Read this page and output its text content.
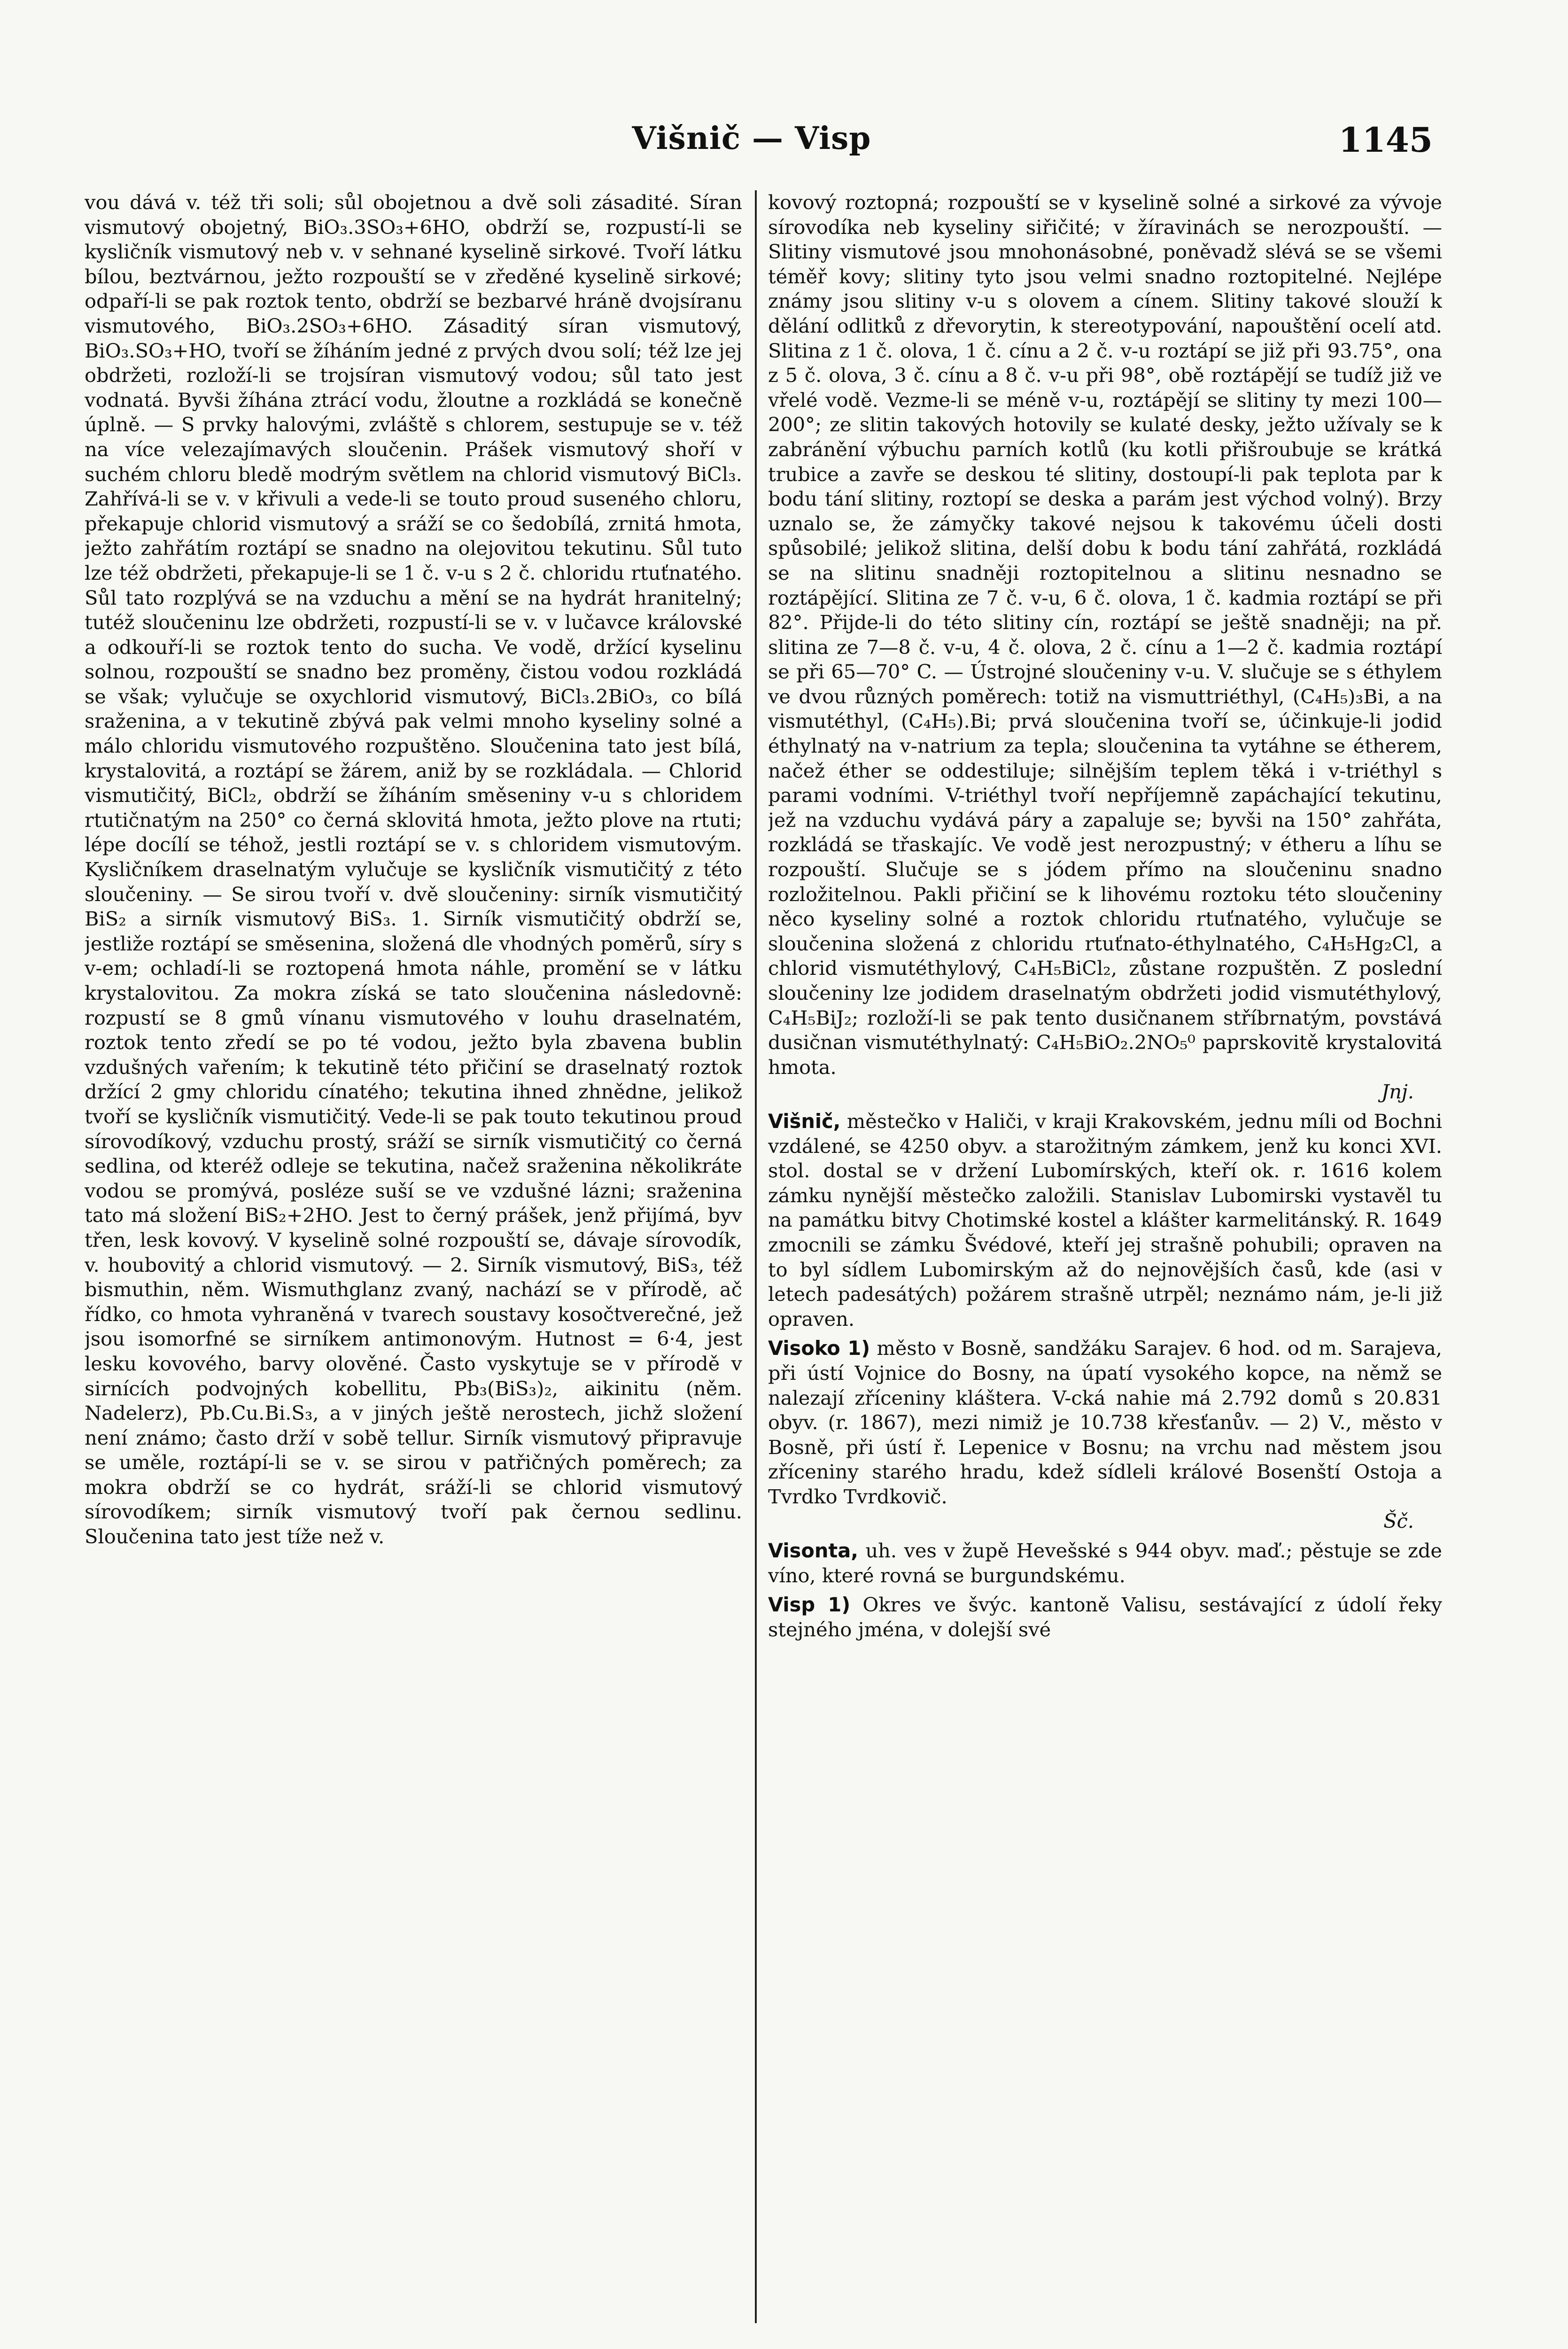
Višnič — Visp	1145

vou dává v. též tři soli; sůl obojetnou a dvě soli zásadité. Síran vismutový obojetný, BiO₃.3SO₃+6HO, obdrží se, rozpustí-li se kysličník vismutový neb v. v sehnané kyselině sirkové. Tvoří látku bílou, beztvárnou, ježto rozpouští se v zředěné kyselině sirkové; odpaří-li se pak roztok tento, obdrží se bezbarvé hráně dvojsíranu vismutového, BiO₃.2SO₃+6HO. Zásaditý síran vismutový, BiO₃.SO₃+HO, tvoří se žíháním jedné z prvých dvou solí; též lze jej obdržeti, rozloží-li se trojsíran vismutový vodou; sůl tato jest vodnatá. Byvši žíhána ztrácí vodu, žloutne a rozkládá se konečně úplně. — S prvky halovými, zvláště s chlorem, sestupuje se v. též na více velezajímavých sloučenin. Prášek vismutový shoří v suchém chloru bledě modrým světlem na chlorid vismutový BiCl₃. Zahřívá-li se v. v křivuli a vede-li se touto proud suseného chloru, překapuje chlorid vismutový a sráží se co šedobílá, zrnitá hmota, ježto zahřátím roztápí se snadno na olejovitou tekutinu. Sůl tuto lze též obdržeti, překapuje-li se 1 č. v-u s 2 č. chloridu rtuťnatého. Sůl tato rozplývá se na vzduchu a mění se na hydrát hranitelný; tutéž sloučeninu lze obdržeti, rozpustí-li se v. v lučavce královské a odkouří-li se roztok tento do sucha. Ve vodě, držící kyselinu solnou, rozpouští se snadno bez proměny, čistou vodou rozkládá se však; vylučuje se oxychlorid vismutový, BiCl₃.2BiO₃, co bílá sraženina, a v tekutině zbývá pak velmi mnoho kyseliny solné a málo chloridu vismutového rozpuštěno. Sloučenina tato jest bílá, krystalovitá, a roztápí se žárem, aniž by se rozkládala. — Chlorid vismutičitý, BiCl₂, obdrží se žíháním směseniny v-u s chloridem rtutičnatým na 250° co černá sklovitá hmota, ježto plove na rtuti; lépe docílí se téhož, jestli roztápí se v. s chloridem vismutovým. Kysličníkem draselnatým vylučuje se kysličník vismutičitý z této sloučeniny. — Se sirou tvoří v. dvě sloučeniny: sirník vismutičitý BiS₂ a sirník vismutový BiS₃. 1. Sirník vismutičitý obdrží se, jestliže roztápí se směsenina, složená dle vhodných poměrů, síry s v-em; ochladí-li se roztopená hmota náhle, promění se v látku krystalovitou. Za mokra získá se tato sloučenina následovně: rozpustí se 8 gmů vínanu vismutového v louhu draselnatém, roztok tento zředí se po té vodou, ježto byla zbavena bublin vzdušných vařením; k tekutině této přičiní se draselnatý roztok držící 2 gmy chloridu cínatého; tekutina ihned zhnědne, jelikož tvoří se kysličník vismutičitý. Vede-li se pak touto tekutinou proud sírovodíkový, vzduchu prostý, sráží se sirník vismutičitý co černá sedlina, od kteréž odleje se tekutina, načež sraženina několikráte vodou se promývá, posléze suší se ve vzdušné lázni; sraženina tato má složení BiS₂+2HO. Jest to černý prášek, jenž přijímá, byv třen, lesk kovový. V kyselině solné rozpouští se, dávaje sírovodík, v. houbovitý a chlorid vismutový. — 2. Sirník vismutový, BiS₃, též bismuthin, něm. Wismuthglanz zvaný, nachází se v přírodě, ač řídko, co hmota vyhraněná v tvarech soustavy kosočtverečné, jež jsou isomorfné se sirníkem antimonovým. Hutnost = 6·4, jest lesku kovového, barvy olověné. Často vyskytuje se v přírodě v sirnících podvojných kobellitu, Pb₃(BiS₃)₂, aikinitu (něm. Nadelerz), Pb.Cu.Bi.S₃, a v jiných ještě nerostech, jichž složení není známo; často drží v sobě tellur. Sirník vismutový připravuje se uměle, roztápí-li se v. se sirou v patřičných poměrech; za mokra obdrží se co hydrát, sráží-li se chlorid vismutový sírovodíkem; sirník vismutový tvoří pak černou sedlinu. Sloučenina tato jest tíže než v.

kovový roztopná; rozpouští se v kyselině solné a sirkové za vývoje sírovodíka neb kyseliny siřičité; v žíravinách se nerozpouští. — Slitiny vismutové jsou mnohonásobné, poněvadž slévá se se všemi téměř kovy; slitiny tyto jsou velmi snadno roztopitelné. Nejlépe známy jsou slitiny v-u s olovem a cínem. Slitiny takové slouží k dělání odlitků z dřevorytin, k stereotypování, napouštění ocelí atd. Slitina z 1 č. olova, 1 č. cínu a 2 č. v-u roztápí se již při 93.75°, ona z 5 č. olova, 3 č. cínu a 8 č. v-u při 98°, obě roztápějí se tudíž již ve vřelé vodě. Vezme-li se méně v-u, roztápějí se slitiny ty mezi 100—200°; ze slitin takových hotovily se kulaté desky, ježto užívaly se k zabránění výbuchu parních kotlů (ku kotli přišroubuje se krátká trubice a zavře se deskou té slitiny, dostoupí-li pak teplota par k bodu tání slitiny, roztopí se deska a parám jest východ volný). Brzy uznalo se, že zámyčky takové nejsou k takovému účeli dosti spůsobilé; jelikož slitina, delší dobu k bodu tání zahřátá, rozkládá se na slitinu snadněji roztopitelnou a slitinu nesnadno se roztápějící. Slitina ze 7 č. v-u, 6 č. olova, 1 č. kadmia roztápí se při 82°. Přijde-li do této slitiny cín, roztápí se ještě snadněji; na př. slitina ze 7—8 č. v-u, 4 č. olova, 2 č. cínu a 1—2 č. kadmia roztápí se při 65—70° C. — Ústrojné sloučeniny v-u. V. slučuje se s éthylem ve dvou různých poměrech: totiž na vismuttriéthyl, (C₄H₅)₃Bi, a na vismutéthyl, (C₄H₅).Bi; prvá sloučenina tvoří se, účinkuje-li jodid éthylnatý na v-natrium za tepla; sloučenina ta vytáhne se étherem, načež éther se oddestiluje; silnějším teplem těká i v-triéthyl s parami vodními. V-triéthyl tvoří nepříjemně zapáchající tekutinu, jež na vzduchu vydává páry a zapaluje se; byvši na 150° zahřáta, rozkládá se třaskajíc. Ve vodě jest nerozpustný; v étheru a líhu se rozpouští. Slučuje se s jódem přímo na sloučeninu snadno rozložitelnou. Pakli přičiní se k lihovému roztoku této sloučeniny něco kyseliny solné a roztok chloridu rtuťnatého, vylučuje se sloučenina složená z chloridu rtuťnato-éthylnatého, C₄H₅Hg₂Cl, a chlorid vismutéthylový, C₄H₅BiCl₂, zůstane rozpuštěn. Z poslední sloučeniny lze jodidem draselnatým obdržeti jodid vismutéthylový, C₄H₅BiJ₂; rozloží-li se pak tento dusičnanem stříbrnatým, povstává dusičnan vismutéthylnatý: C₄H₅BiO₂.2NO₅⁰ paprskovitě krystalovitá hmota.
Jnj.

Višnič, městečko v Haliči, v kraji Krakovském, jednu míli od Bochni vzdálené, se 4250 obyv. a starožitným zámkem, jenž ku konci XVI. stol. dostal se v držení Lubomírských, kteří ok. r. 1616 kolem zámku nynější městečko založili. Stanislav Lubomirski vystavěl tu na památku bitvy Chotimské kostel a klášter karmelitánský. R. 1649 zmocnili se zámku Švédové, kteří jej strašně pohubili; opraven na to byl sídlem Lubomirským až do nejnovějších časů, kde (asi v letech padesátých) požárem strašně utrpěl; neznámo nám, je-li již opraven.

Visoko 1) město v Bosně, sandžáku Sarajev. 6 hod. od m. Sarajeva, při ústí Vojnice do Bosny, na úpatí vysokého kopce, na němž se nalezají zříceniny kláštera. V-cká nahie má 2.792 domů s 20.831 obyv. (r. 1867), mezi nimiž je 10.738 křesťanův. — 2) V., město v Bosně, při ústí ř. Lepenice v Bosnu; na vrchu nad městem jsou zříceniny starého hradu, kdež sídleli králové Bosenští Ostoja a Tvrdko Tvrdkovič.
Šč.

Visonta, uh. ves v župě Hevešské s 944 obyv. maď.; pěstuje se zde víno, které rovná se burgundskému.

Visp 1) Okres ve švýc. kantoně Valisu, sestávající z údolí řeky stejného jména, v dolejší své
